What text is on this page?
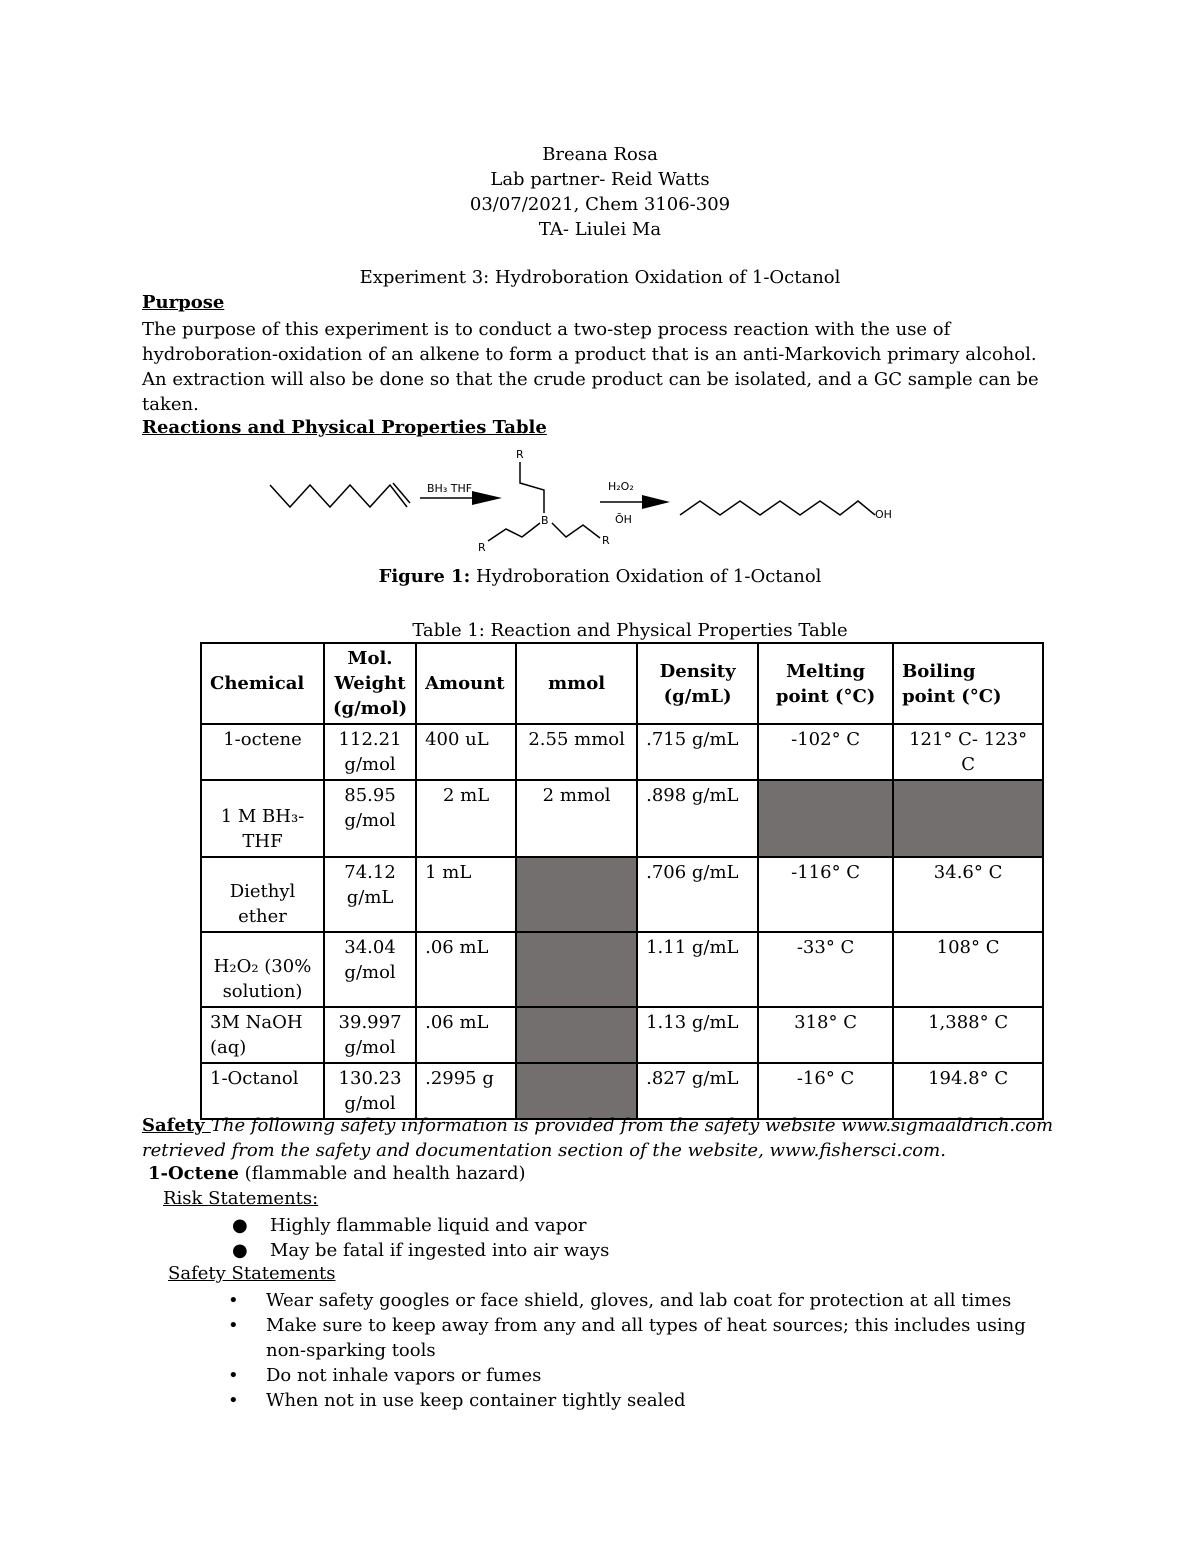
Breana Rosa
Lab partner- Reid Watts
03/07/2021, Chem 3106-309
TA- Liulei Ma
Experiment 3: Hydroboration Oxidation of 1-Octanol
Purpose
The purpose of this experiment is to conduct a two-step process reaction with the use of hydroboration-oxidation of an alkene to form a product that is an anti-Markovich primary alcohol. An extraction will also be done so that the crude product can be isolated, and a GC sample can be taken.
Reactions and Physical Properties Table
BH₃ THF
R
B
R
R
H₂O₂
ŌH	OH
Figure 1: Hydroboration Oxidation of 1-Octanol
Table 1: Reaction and Physical Properties Table
Chemical	Mol. Weight (g/mol)	Amount	mmol	Density (g/mL)	Melting point (°C)	Boiling point (°C)
1-octene	112.21 g/mol	400 uL	2.55 mmol	.715 g/mL	-102° C	121° C- 123° C
1 M BH₃-THF	85.95 g/mol	2 mL	2 mmol	.898 g/mL		
Diethyl ether	74.12 g/mL	1 mL		.706 g/mL	-116° C	34.6° C
H₂O₂ (30% solution)	34.04 g/mol	.06 mL		1.11 g/mL	-33° C	108° C
3M NaOH (aq)	39.997 g/mol	.06 mL		1.13 g/mL	318° C	1,388° C
1-Octanol	130.23 g/mol	.2995 g		.827 g/mL	-16° C	194.8° C
Safety The following safety information is provided from the safety website www.sigmaaldrich.com retrieved from the safety and documentation section of the website, www.fishersci.com.
1-Octene (flammable and health hazard)
Risk Statements:
● Highly flammable liquid and vapor
● May be fatal if ingested into air ways
Safety Statements
• Wear safety googles or face shield, gloves, and lab coat for protection at all times
• Make sure to keep away from any and all types of heat sources; this includes using non-sparking tools
• Do not inhale vapors or fumes
• When not in use keep container tightly sealed
